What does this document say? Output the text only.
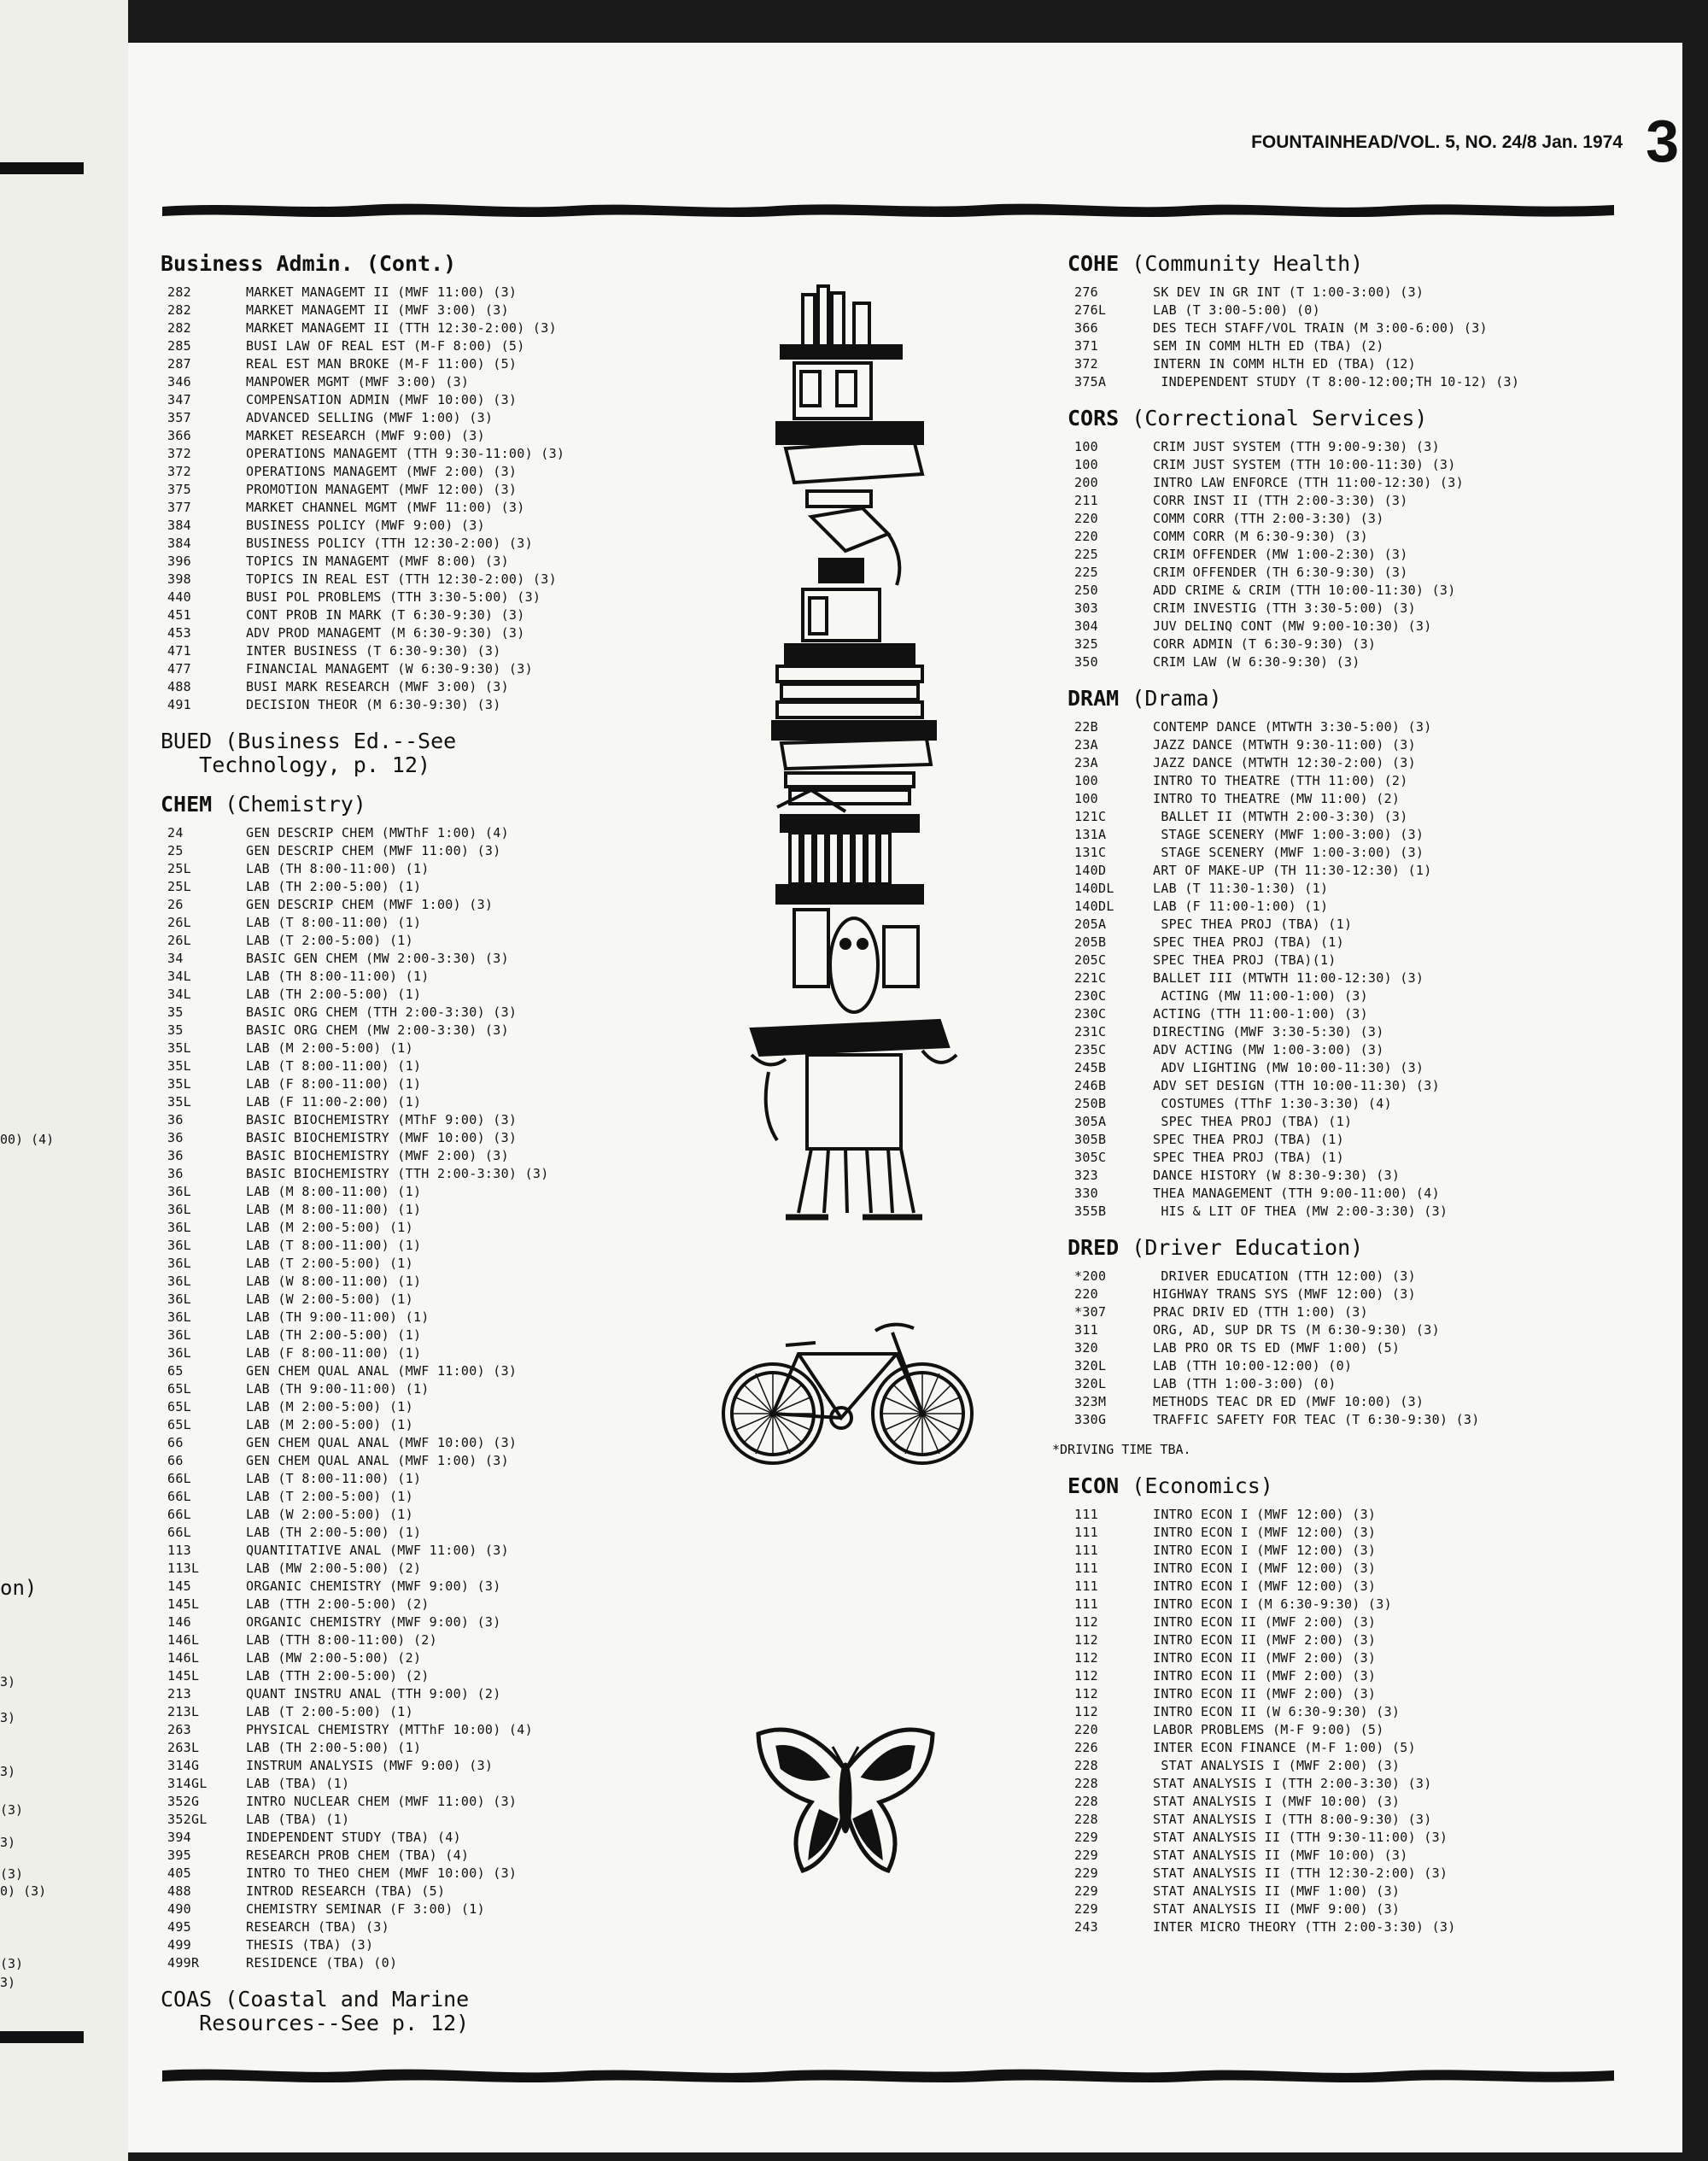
00) (4)
on)
3)
3)
3)
(3)
3)
(3)
0) (3)
(3)
3)
FOUNTAINHEAD/VOL. 5, NO. 24/8 Jan. 1974 3
Business Admin. (Cont.)
282	MARKET MANAGEMT II (MWF 11:00) (3)
282	MARKET MANAGEMT II (MWF 3:00) (3)
282	MARKET MANAGEMT II (TTH 12:30-2:00) (3)
285	BUSI LAW OF REAL EST (M-F 8:00) (5)
287	REAL EST MAN BROKE (M-F 11:00) (5)
346	MANPOWER MGMT (MWF 3:00) (3)
347	COMPENSATION ADMIN (MWF 10:00) (3)
357	ADVANCED SELLING (MWF 1:00) (3)
366	MARKET RESEARCH (MWF 9:00) (3)
372	OPERATIONS MANAGEMT (TTH 9:30-11:00) (3)
372	OPERATIONS MANAGEMT (MWF 2:00) (3)
375	PROMOTION MANAGEMT (MWF 12:00) (3)
377	MARKET CHANNEL MGMT (MWF 11:00) (3)
384	BUSINESS POLICY (MWF 9:00) (3)
384	BUSINESS POLICY (TTH 12:30-2:00) (3)
396	TOPICS IN MANAGEMT (MWF 8:00) (3)
398	TOPICS IN REAL EST (TTH 12:30-2:00) (3)
440	BUSI POL PROBLEMS (TTH 3:30-5:00) (3)
451	CONT PROB IN MARK (T 6:30-9:30) (3)
453	ADV PROD MANAGEMT (M 6:30-9:30) (3)
471	INTER BUSINESS (T 6:30-9:30) (3)
477	FINANCIAL MANAGEMT (W 6:30-9:30) (3)
488	BUSI MARK RESEARCH (MWF 3:00) (3)
491	DECISION THEOR (M 6:30-9:30) (3)
BUED (Business Ed.--See
Technology, p. 12)
CHEM (Chemistry)
24	GEN DESCRIP CHEM (MWThF 1:00) (4)
25	GEN DESCRIP CHEM (MWF 11:00) (3)
25L	LAB (TH 8:00-11:00) (1)
25L	LAB (TH 2:00-5:00) (1)
26	GEN DESCRIP CHEM (MWF 1:00) (3)
26L	LAB (T 8:00-11:00) (1)
26L	LAB (T 2:00-5:00) (1)
34	BASIC GEN CHEM (MW 2:00-3:30) (3)
34L	LAB (TH 8:00-11:00) (1)
34L	LAB (TH 2:00-5:00) (1)
35	BASIC ORG CHEM (TTH 2:00-3:30) (3)
35	BASIC ORG CHEM (MW 2:00-3:30) (3)
35L	LAB (M 2:00-5:00) (1)
35L	LAB (T 8:00-11:00) (1)
35L	LAB (F 8:00-11:00) (1)
35L	LAB (F 11:00-2:00) (1)
36	BASIC BIOCHEMISTRY (MThF 9:00) (3)
36	BASIC BIOCHEMISTRY (MWF 10:00) (3)
36	BASIC BIOCHEMISTRY (MWF 2:00) (3)
36	BASIC BIOCHEMISTRY (TTH 2:00-3:30) (3)
36L	LAB (M 8:00-11:00) (1)
36L	LAB (M 8:00-11:00) (1)
36L	LAB (M 2:00-5:00) (1)
36L	LAB (T 8:00-11:00) (1)
36L	LAB (T 2:00-5:00) (1)
36L	LAB (W 8:00-11:00) (1)
36L	LAB (W 2:00-5:00) (1)
36L	LAB (TH 9:00-11:00) (1)
36L	LAB (TH 2:00-5:00) (1)
36L	LAB (F 8:00-11:00) (1)
65	GEN CHEM QUAL ANAL (MWF 11:00) (3)
65L	LAB (TH 9:00-11:00) (1)
65L	LAB (M 2:00-5:00) (1)
65L	LAB (M 2:00-5:00) (1)
66	GEN CHEM QUAL ANAL (MWF 10:00) (3)
66	GEN CHEM QUAL ANAL (MWF 1:00) (3)
66L	LAB (T 8:00-11:00) (1)
66L	LAB (T 2:00-5:00) (1)
66L	LAB (W 2:00-5:00) (1)
66L	LAB (TH 2:00-5:00) (1)
113	QUANTITATIVE ANAL (MWF 11:00) (3)
113L	LAB (MW 2:00-5:00) (2)
145	ORGANIC CHEMISTRY (MWF 9:00) (3)
145L	LAB (TTH 2:00-5:00) (2)
146	ORGANIC CHEMISTRY (MWF 9:00) (3)
146L	LAB (TTH 8:00-11:00) (2)
146L	LAB (MW 2:00-5:00) (2)
145L	LAB (TTH 2:00-5:00) (2)
213	QUANT INSTRU ANAL (TTH 9:00) (2)
213L	LAB (T 2:00-5:00) (1)
263	PHYSICAL CHEMISTRY (MTThF 10:00) (4)
263L	LAB (TH 2:00-5:00) (1)
314G	INSTRUM ANALYSIS (MWF 9:00) (3)
314GL	LAB (TBA) (1)
352G	INTRO NUCLEAR CHEM (MWF 11:00) (3)
352GL	LAB (TBA) (1)
394	INDEPENDENT STUDY (TBA) (4)
395	RESEARCH PROB CHEM (TBA) (4)
405	INTRO TO THEO CHEM (MWF 10:00) (3)
488	INTROD RESEARCH (TBA) (5)
490	CHEMISTRY SEMINAR (F 3:00) (1)
495	RESEARCH (TBA) (3)
499	THESIS (TBA) (3)
499R	RESIDENCE (TBA) (0)
COAS (Coastal and Marine
Resources--See p. 12)
COHE (Community Health)
276	SK DEV IN GR INT (T 1:00-3:00) (3)
276L	LAB (T 3:00-5:00) (0)
366	DES TECH STAFF/VOL TRAIN (M 3:00-6:00) (3)
371	SEM IN COMM HLTH ED (TBA) (2)
372	INTERN IN COMM HLTH ED (TBA) (12)
375A	INDEPENDENT STUDY (T 8:00-12:00;TH 10-12) (3)
CORS (Correctional Services)
100	CRIM JUST SYSTEM (TTH 9:00-9:30) (3)
100	CRIM JUST SYSTEM (TTH 10:00-11:30) (3)
200	INTRO LAW ENFORCE (TTH 11:00-12:30) (3)
211	CORR INST II (TTH 2:00-3:30) (3)
220	COMM CORR (TTH 2:00-3:30) (3)
220	COMM CORR (M 6:30-9:30) (3)
225	CRIM OFFENDER (MW 1:00-2:30) (3)
225	CRIM OFFENDER (TH 6:30-9:30) (3)
250	ADD CRIME & CRIM (TTH 10:00-11:30) (3)
303	CRIM INVESTIG (TTH 3:30-5:00) (3)
304	JUV DELINQ CONT (MW 9:00-10:30) (3)
325	CORR ADMIN (T 6:30-9:30) (3)
350	CRIM LAW (W 6:30-9:30) (3)
DRAM (Drama)
22B	CONTEMP DANCE (MTWTH 3:30-5:00) (3)
23A	JAZZ DANCE (MTWTH 9:30-11:00) (3)
23A	JAZZ DANCE (MTWTH 12:30-2:00) (3)
100	INTRO TO THEATRE (TTH 11:00) (2)
100	INTRO TO THEATRE (MW 11:00) (2)
121C	BALLET II (MTWTH 2:00-3:30) (3)
131A	STAGE SCENERY (MWF 1:00-3:00) (3)
131C	STAGE SCENERY (MWF 1:00-3:00) (3)
140D	ART OF MAKE-UP (TH 11:30-12:30) (1)
140DL	LAB (T 11:30-1:30) (1)
140DL	LAB (F 11:00-1:00) (1)
205A	SPEC THEA PROJ (TBA) (1)
205B	SPEC THEA PROJ (TBA) (1)
205C	SPEC THEA PROJ (TBA)(1)
221C	BALLET III (MTWTH 11:00-12:30) (3)
230C	ACTING (MW 11:00-1:00) (3)
230C	ACTING (TTH 11:00-1:00) (3)
231C	DIRECTING (MWF 3:30-5:30) (3)
235C	ADV ACTING (MW 1:00-3:00) (3)
245B	ADV LIGHTING (MW 10:00-11:30) (3)
246B	ADV SET DESIGN (TTH 10:00-11:30) (3)
250B	COSTUMES (TThF 1:30-3:30) (4)
305A	SPEC THEA PROJ (TBA) (1)
305B	SPEC THEA PROJ (TBA) (1)
305C	SPEC THEA PROJ (TBA) (1)
323	DANCE HISTORY (W 8:30-9:30) (3)
330	THEA MANAGEMENT (TTH 9:00-11:00) (4)
355B	HIS & LIT OF THEA (MW 2:00-3:30) (3)
DRED (Driver Education)
*200	DRIVER EDUCATION (TTH 12:00) (3)
220	HIGHWAY TRANS SYS (MWF 12:00) (3)
*307	PRAC DRIV ED (TTH 1:00) (3)
311	ORG, AD, SUP DR TS (M 6:30-9:30) (3)
320	LAB PRO OR TS ED (MWF 1:00) (5)
320L	LAB (TTH 10:00-12:00) (0)
320L	LAB (TTH 1:00-3:00) (0)
323M	METHODS TEAC DR ED (MWF 10:00) (3)
330G	TRAFFIC SAFETY FOR TEAC (T 6:30-9:30) (3)
*DRIVING TIME TBA.
ECON (Economics)
111	INTRO ECON I (MWF 12:00) (3)
111	INTRO ECON I (MWF 12:00) (3)
111	INTRO ECON I (MWF 12:00) (3)
111	INTRO ECON I (MWF 12:00) (3)
111	INTRO ECON I (MWF 12:00) (3)
111	INTRO ECON I (M 6:30-9:30) (3)
112	INTRO ECON II (MWF 2:00) (3)
112	INTRO ECON II (MWF 2:00) (3)
112	INTRO ECON II (MWF 2:00) (3)
112	INTRO ECON II (MWF 2:00) (3)
112	INTRO ECON II (MWF 2:00) (3)
112	INTRO ECON II (W 6:30-9:30) (3)
220	LABOR PROBLEMS (M-F 9:00) (5)
226	INTER ECON FINANCE (M-F 1:00) (5)
228	STAT ANALYSIS I (MWF 2:00) (3)
228	STAT ANALYSIS I (TTH 2:00-3:30) (3)
228	STAT ANALYSIS I (MWF 10:00) (3)
228	STAT ANALYSIS I (TTH 8:00-9:30) (3)
229	STAT ANALYSIS II (TTH 9:30-11:00) (3)
229	STAT ANALYSIS II (MWF 10:00) (3)
229	STAT ANALYSIS II (TTH 12:30-2:00) (3)
229	STAT ANALYSIS II (MWF 1:00) (3)
229	STAT ANALYSIS II (MWF 9:00) (3)
243	INTER MICRO THEORY (TTH 2:00-3:30) (3)
